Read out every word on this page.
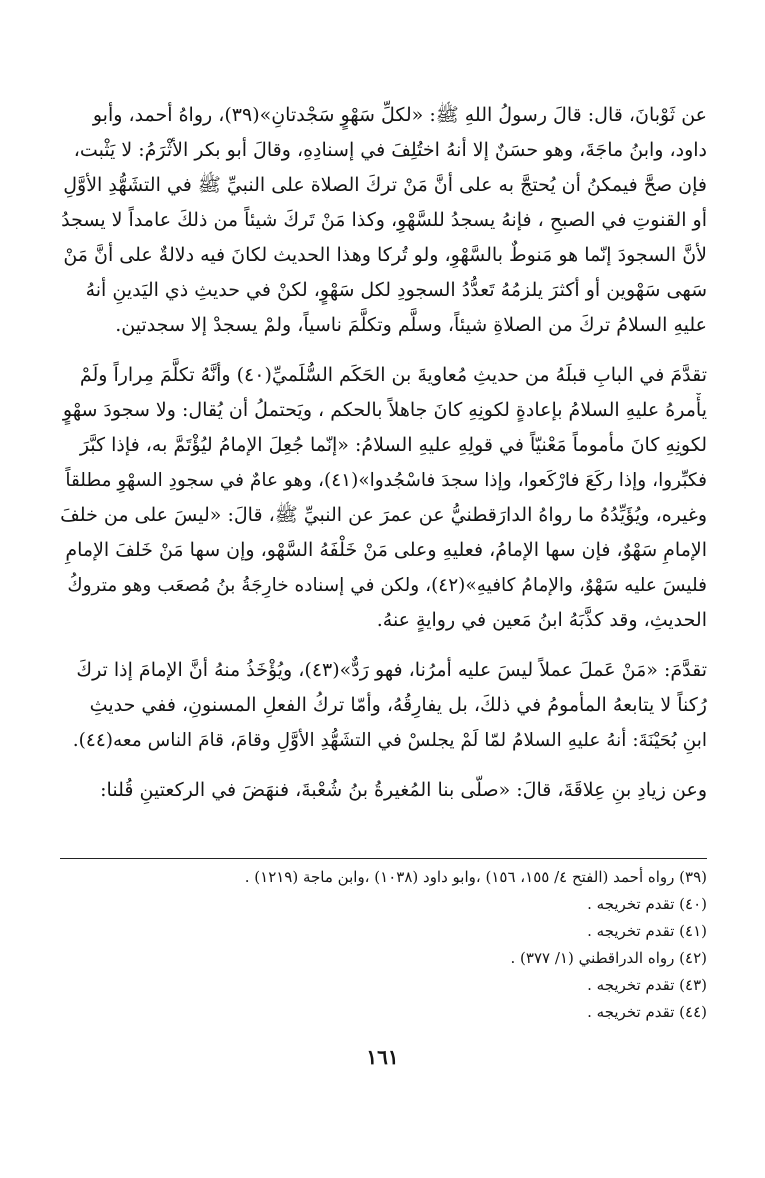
عن ثَوْبانَ، قال: قالَ رسولُ اللهِ ﷺ: «لكلِّ سَهْوٍ سَجْدتانِ»(٣٩)، رواهُ أحمد، وأبو
داود، وابنُ ماجَةَ، وهو حسَنٌ إلا أنهُ اختُلِفَ في إسنادِهِ، وقالَ أبو بكر الأثْرَمُ: لا يَثْبت،
فإن صحَّ فيمكنُ أن يُحتجَّ به على أنَّ مَنْ تركَ الصلاة على النبيِّ ﷺ في التشَهُّدِ الأوَّلِ
أو القنوتِ في الصبحِ ، فإنهُ يسجدُ للسَّهْوِ، وكذا مَنْ تَركَ شيئاً من ذلكَ عامداً لا يسجدُ
لأنَّ السجودَ إنّما هو مَنوطٌ بالسَّهْوِ، ولو تُركا وهذا الحديث لكانَ فيه دلالةٌ على أنَّ مَنْ
سَهى سَهْوين أو أكثرَ يلزمُهُ تَعدُّدُ السجودِ لكل سَهْوٍ، لكنْ في حديثِ ذي اليَدينِ أنهُ
عليهِ السلامُ تركَ من الصلاةِ شيئاً، وسلَّم وتكلَّمَ ناسياً، ولمْ يسجدْ إلا سجدتين.
تقدَّمَ في البابِ قبلَهُ من حديثِ مُعاويةَ بن الحَكَم السُّلَميِّ(٤٠) وأنَّهُ تكلَّمَ مِراراً ولَمْ
يأْمرهُ عليهِ السلامُ بإعادةٍ لكونِهِ كانَ جاهلاً بالحكم ، ويَحتملُ أن يُقال: ولا سجودَ سهْوٍ
لكونِهِ كانَ مأموماً مَعْنيّاً في قولِهِ عليهِ السلامُ: «إنّما جُعِلَ الإمامُ ليُؤْتَمَّ به، فإذا كبَّرَ
فكبِّروا، وإذا ركَعَ فارْكَعوا، وإذا سجدَ فاسْجُدوا»(٤١)، وهو عامٌ في سجودِ السهْوِ مطلقاً
وغيره، ويُؤَيِّدُهُ ما رواهُ الدارَقطنيُّ عن عمرَ عن النبيِّ ﷺ، قالَ: «ليسَ على من خلفَ
الإمامِ سَهْوٌ، فإن سها الإمامُ، فعليهِ وعلى مَنْ خَلْفَهُ السَّهْو، وإن سها مَنْ خَلفَ الإمامِ
فليسَ عليه سَهْوٌ، والإمامُ كافيهِ»(٤٢)، ولكن في إسناده خارِجَةُ بنُ مُصعَب وهو متروكُ
الحديثِ، وقد كذَّبَهُ ابنُ مَعين في روايةٍ عنهُ.
تقدَّمَ: «مَنْ عَملَ عملاً ليسَ عليه أمرُنا، فهو رَدٌّ»(٤٣)، ويُؤْخَذُ منهُ أنَّ الإمامَ إذا تركَ
رُكناً لا يتابعهُ المأمومُ في ذلكَ، بل يفارِقُهُ، وأمّا تركُ الفعلِ المسنونِ، ففي حديثِ
ابنِ بُحَيْنَةَ: أنهُ عليهِ السلامُ لمّا لَمْ يجلسْ في التشَهُّدِ الأوَّلِ وقامَ، قامَ الناس معه(٤٤).
وعن زيادِ بنِ عِلاقَةَ، قالَ: «صلّى بنا المُغيرةُ بنُ شُعْبةَ، فنهَضَ في الركعتينِ قُلنا:
(٣٩) رواه أحمد (الفتح ٤/ ١٥٥، ١٥٦) ،وابو داود (١٠٣٨) ،وابن ماجة (١٢١٩) .
(٤٠) تقدم تخريجه .
(٤١) تقدم تخريجه .
(٤٢) رواه الدراقطني (١/ ٣٧٧) .
(٤٣) تقدم تخريجه .
(٤٤) تقدم تخريجه .
١٦١
